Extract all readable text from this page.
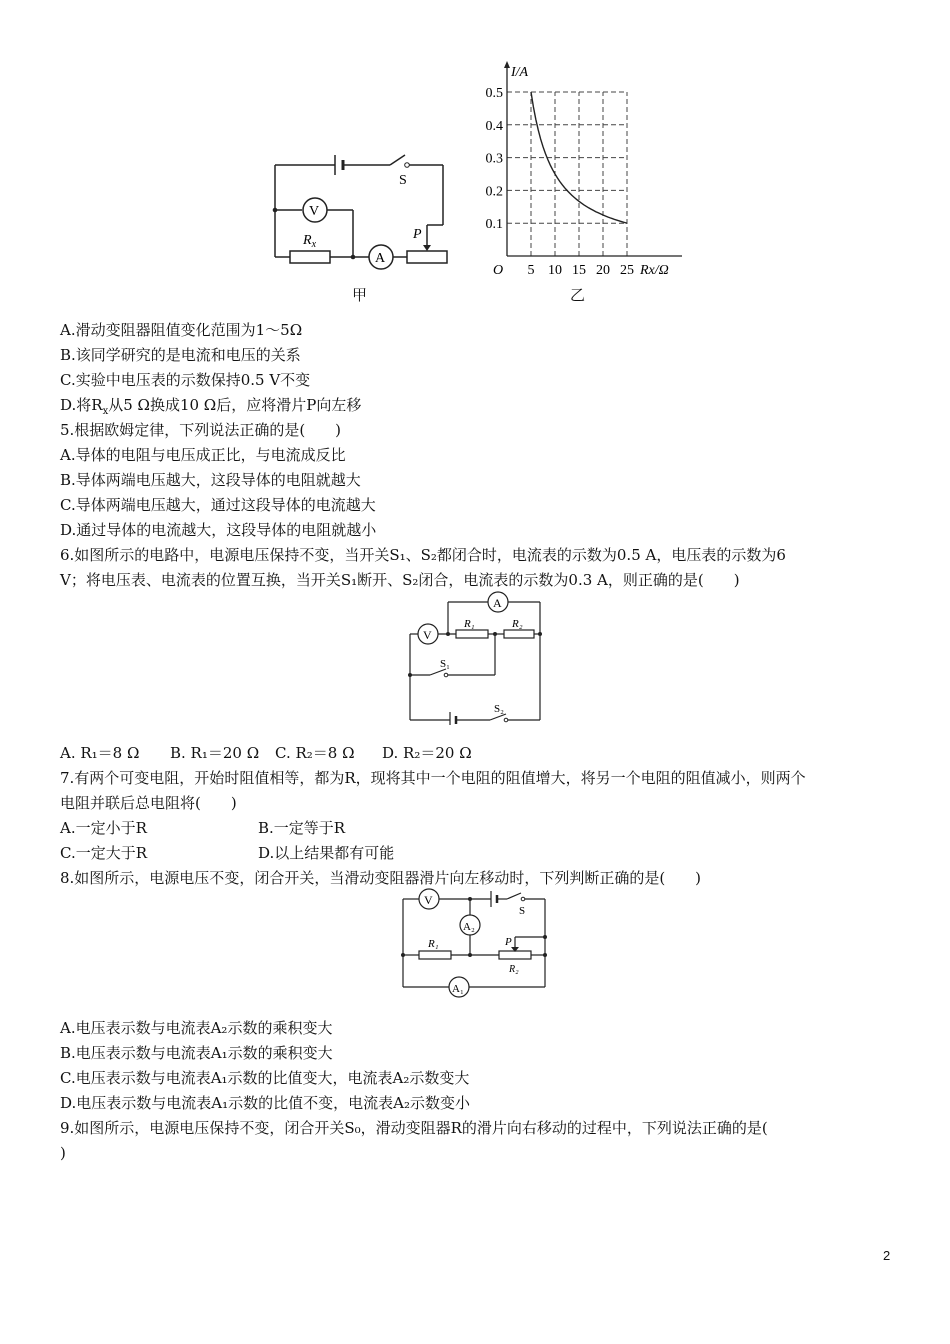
S
V
A
$R_x$
P
甲
5 10 15 20 25
0.1
0.2
0.3
0.4
0.5
O
I/A
Rx/Ω
乙
A.滑动变阻器阻值变化范围为1～5Ω
B.该同学研究的是电流和电压的关系
C.实验中电压表的示数保持0.5 V不变
D.将$R_x$从5 Ω换成10 Ω后，应将滑片P向左移
5.根据欧姆定律，下列说法正确的是(　　)
A.导体的电阻与电压成正比，与电流成反比
B.导体两端电压越大，这段导体的电阻就越大
C.导体两端电压越大，通过这段导体的电流越大
D.通过导体的电流越大，这段导体的电阻就越小
6.如图所示的电路中，电源电压保持不变，当开关S₁、S₂都闭合时，电流表的示数为0.5 A，电压表的示数为6
V；将电压表、电流表的位置互换，当开关S₁断开、S₂闭合，电流表的示数为0.3 A，则正确的是(　　)
A
V
R₁	R₂
S₁
S₂
A. R₁＝8 Ω B. R₁＝20 Ω C. R₂＝8 Ω D. R₂＝20 Ω
7.有两个可变电阻，开始时阻值相等，都为R，现将其中一个电阻的阻值增大，将另一个电阻的阻值减小，则两个
电阻并联后总电阻将(　　)
A.一定小于R	B.一定等于R
C.一定大于R	D.以上结果都有可能
8.如图所示，电源电压不变，闭合开关，当滑动变阻器滑片向左移动时，下列判断正确的是(　　)
V
S
A₂
R₁	P
R₂
A₁
A.电压表示数与电流表A₂示数的乘积变大
B.电压表示数与电流表A₁示数的乘积变大
C.电压表示数与电流表A₁示数的比值变大，电流表A₂示数变大
D.电压表示数与电流表A₁示数的比值不变，电流表A₂示数变小
9.如图所示，电源电压保持不变，闭合开关S₀，滑动变阻器R的滑片向右移动的过程中，下列说法正确的是(
)
2
